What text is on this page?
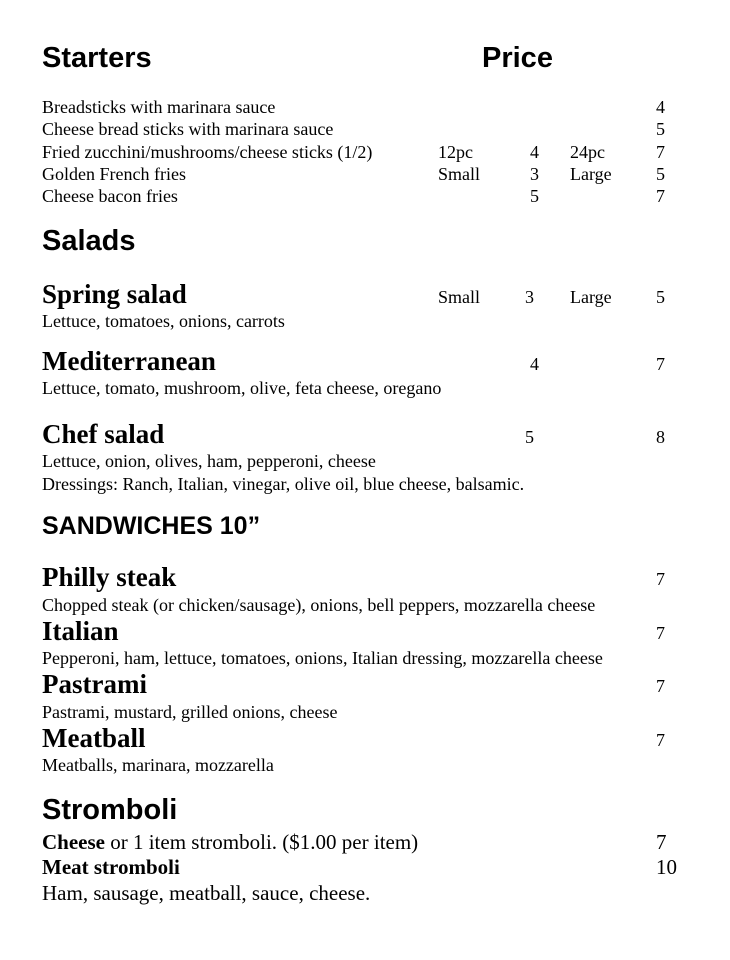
Starters	Price
Breadsticks with marinara sauce	4
Cheese bread sticks with marinara sauce	5
Fried zucchini/mushrooms/cheese sticks (1/2)	12pc	4 24pc	7
Golden French fries	Small	3 Large 5
Cheese bacon fries	5	7
Salads
Spring salad	Small 3 Large 5
Lettuce, tomatoes, onions, carrots
Mediterranean	4	7
Lettuce, tomato, mushroom, olive, feta cheese, oregano
Chef salad	5	8
Lettuce, onion, olives, ham, pepperoni, cheese
Dressings: Ranch, Italian, vinegar, olive oil, blue cheese, balsamic.
SANDWICHES 10”
Philly steak	7
Chopped steak (or chicken/sausage), onions, bell peppers, mozzarella cheese
Italian	7
Pepperoni, ham, lettuce, tomatoes, onions, Italian dressing, mozzarella cheese
Pastrami	7
Pastrami, mustard, grilled onions, cheese
Meatball	7
Meatballs, marinara, mozzarella
Stromboli
Cheese or 1 item stromboli. ($1.00 per item)	7
Meat stromboli	10
Ham, sausage, meatball, sauce, cheese.
